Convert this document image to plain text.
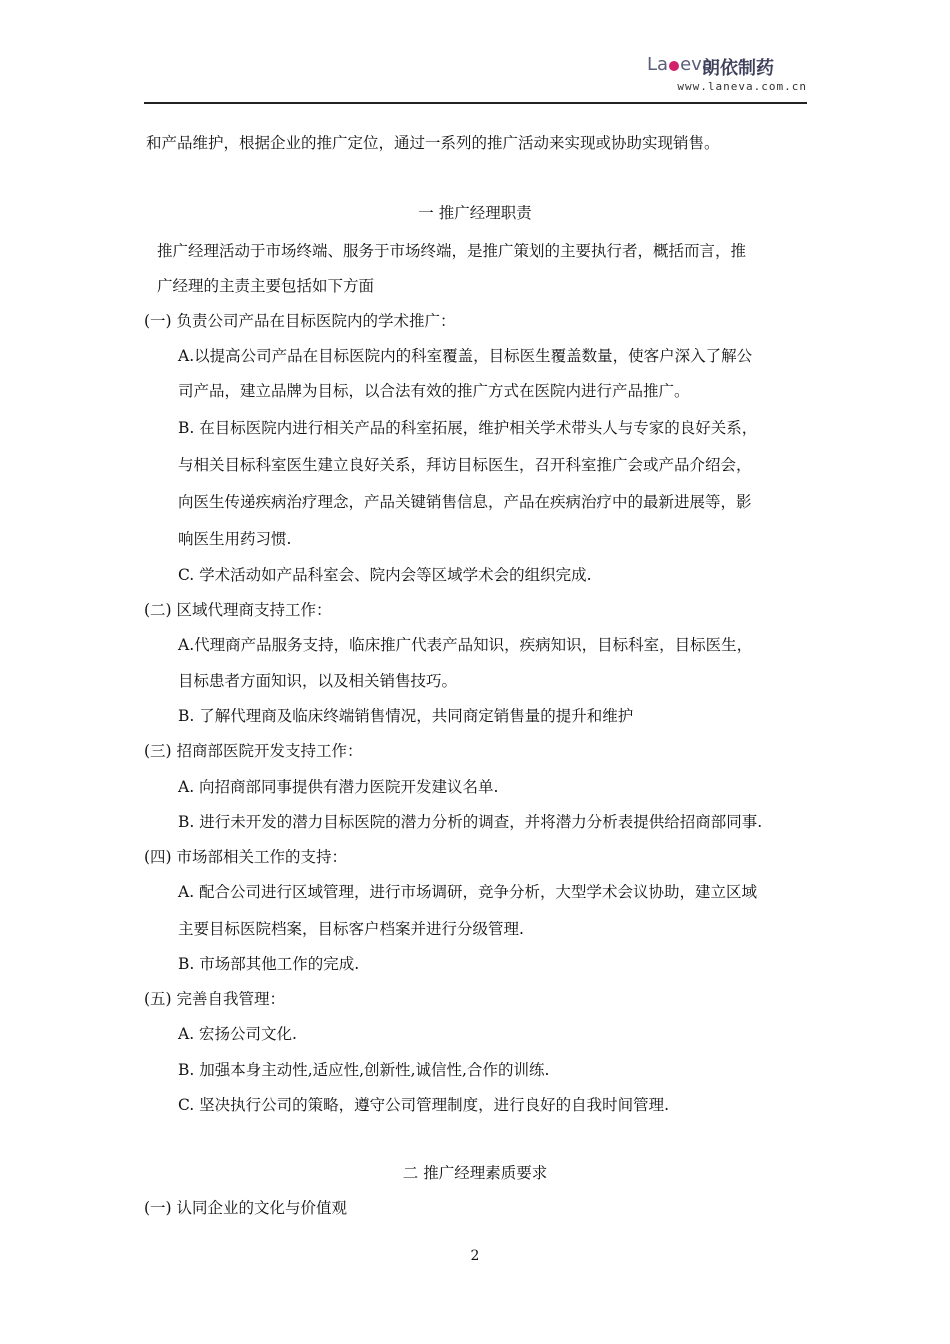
La eva
朗依制药
www.laneva.com.cn
和产品维护，根据企业的推广定位，通过一系列的推广活动来实现或协助实现销售。
一 推广经理职责
推广经理活动于市场终端、服务于市场终端，是推广策划的主要执行者，概括而言，推
广经理的主责主要包括如下方面
(一) 负责公司产品在目标医院内的学术推广：
A.以提高公司产品在目标医院内的科室覆盖，目标医生覆盖数量，使客户深入了解公
司产品，建立品牌为目标，以合法有效的推广方式在医院内进行产品推广。
B. 在目标医院内进行相关产品的科室拓展，维护相关学术带头人与专家的良好关系，
与相关目标科室医生建立良好关系，拜访目标医生，召开科室推广会或产品介绍会，
向医生传递疾病治疗理念，产品关键销售信息，产品在疾病治疗中的最新进展等，影
响医生用药习惯.
C. 学术活动如产品科室会、院内会等区域学术会的组织完成.
(二) 区域代理商支持工作：
A.代理商产品服务支持，临床推广代表产品知识，疾病知识，目标科室，目标医生，
目标患者方面知识，以及相关销售技巧。
B. 了解代理商及临床终端销售情况，共同商定销售量的提升和维护
(三) 招商部医院开发支持工作：
A. 向招商部同事提供有潜力医院开发建议名单.
B. 进行未开发的潜力目标医院的潜力分析的调查，并将潜力分析表提供给招商部同事.
(四) 市场部相关工作的支持：
A. 配合公司进行区域管理，进行市场调研，竞争分析，大型学术会议协助，建立区域
主要目标医院档案，目标客户档案并进行分级管理.
B. 市场部其他工作的完成.
(五) 完善自我管理：
A. 宏扬公司文化.
B. 加强本身主动性,适应性,创新性,诚信性,合作的训练.
C. 坚决执行公司的策略，遵守公司管理制度，进行良好的自我时间管理.
二 推广经理素质要求
(一) 认同企业的文化与价值观
2
